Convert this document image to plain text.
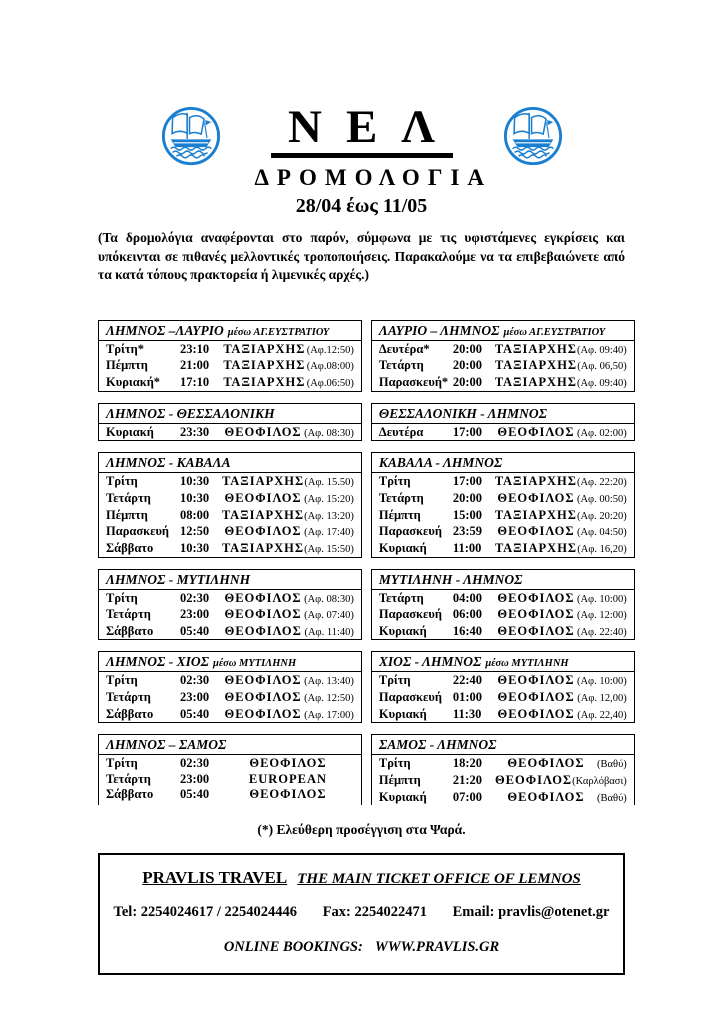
ΝΕΛ
ΔΡΟΜΟΛΟΓΙΑ
28/04 έως 11/05

(Τα δρομολόγια αναφέρονται στο παρόν, σύμφωνα με τις υφιστάμενες εγκρίσεις και υπόκεινται σε πιθανές μελλοντικές τροποποιήσεις. Παρακαλούμε να τα επιβεβαιώνετε από τα κατά τόπους πρακτορεία ή λιμενικές αρχές.)

ΛΗΜΝΟΣ –ΛΑΥΡΙΟ μέσω ΑΓ.ΕΥΣΤΡΑΤΙΟΥ
Τρίτη*	23:10	ΤΑΞΙΑΡΧΗΣ (Αφ.12:50)
Πέμπτη	21:00	ΤΑΞΙΑΡΧΗΣ (Αφ.08:00)
Κυριακή*	17:10	ΤΑΞΙΑΡΧΗΣ (Αφ.06:50)
ΛΑΥΡΙΟ – ΛΗΜΝΟΣ μέσω ΑΓ.ΕΥΣΤΡΑΤΙΟΥ
Δευτέρα*	20:00	ΤΑΞΙΑΡΧΗΣ (Αφ. 09:40)
Τετάρτη	20:00	ΤΑΞΙΑΡΧΗΣ (Αφ. 06,50)
Παρασκευή* 20:00	ΤΑΞΙΑΡΧΗΣ (Αφ. 09:40)
ΛΗΜΝΟΣ - ΘΕΣΣΑΛΟΝΙΚΗ
Κυριακή	23:30	ΘΕΟΦΙΛΟΣ (Αφ. 08:30)
ΘΕΣΣΑΛΟΝΙΚΗ - ΛΗΜΝΟΣ
Δευτέρα	17:00	ΘΕΟΦΙΛΟΣ (Αφ. 02:00)
ΛΗΜΝΟΣ - ΚΑΒΑΛΑ
Τρίτη	10:30	ΤΑΞΙΑΡΧΗΣ (Αφ. 15.50)
Τετάρτη	10:30	ΘΕΟΦΙΛΟΣ (Αφ. 15:20)
Πέμπτη	08:00	ΤΑΞΙΑΡΧΗΣ (Αφ. 13:20)
Παρασκευή 12:50	ΘΕΟΦΙΛΟΣ (Αφ. 17:40)
Σάββατο	10:30	ΤΑΞΙΑΡΧΗΣ (Αφ. 15:50)
ΚΑΒΑΛΑ - ΛΗΜΝΟΣ
Τρίτη	17:00	ΤΑΞΙΑΡΧΗΣ (Αφ. 22:20)
Τετάρτη	20:00	ΘΕΟΦΙΛΟΣ (Αφ. 00:50)
Πέμπτη	15:00	ΤΑΞΙΑΡΧΗΣ (Αφ. 20:20)
Παρασκευή 23:59	ΘΕΟΦΙΛΟΣ (Αφ. 04:50)
Κυριακή	11:00	ΤΑΞΙΑΡΧΗΣ (Αφ. 16,20)
ΛΗΜΝΟΣ - ΜΥΤΙΛΗΝΗ
Τρίτη	02:30	ΘΕΟΦΙΛΟΣ (Αφ. 08:30)
Τετάρτη	23:00	ΘΕΟΦΙΛΟΣ (Αφ. 07:40)
Σάββατο	05:40	ΘΕΟΦΙΛΟΣ (Αφ. 11:40)
ΜΥΤΙΛΗΝΗ - ΛΗΜΝΟΣ
Τετάρτη	04:00	ΘΕΟΦΙΛΟΣ (Αφ. 10:00)
Παρασκευή 06:00	ΘΕΟΦΙΛΟΣ (Αφ. 12:00)
Κυριακή	16:40	ΘΕΟΦΙΛΟΣ (Αφ. 22:40)
ΛΗΜΝΟΣ - ΧΙΟΣ μέσω ΜΥΤΙΛΗΝΗ
Τρίτη	02:30	ΘΕΟΦΙΛΟΣ (Αφ. 13:40)
Τετάρτη	23:00	ΘΕΟΦΙΛΟΣ (Αφ. 12:50)
Σάββατο	05:40	ΘΕΟΦΙΛΟΣ (Αφ. 17:00)
ΧΙΟΣ - ΛΗΜΝΟΣ μέσω ΜΥΤΙΛΗΝΗ
Τρίτη	22:40	ΘΕΟΦΙΛΟΣ (Αφ. 10:00)
Παρασκευή 01:00	ΘΕΟΦΙΛΟΣ (Αφ. 12,00)
Κυριακή	11:30	ΘΕΟΦΙΛΟΣ (Αφ. 22,40)
ΛΗΜΝΟΣ – ΣΑΜΟΣ
Τρίτη	02:30	ΘΕΟΦΙΛΟΣ
Τετάρτη	23:00	EUROPEAN
Σάββατο	05:40	ΘΕΟΦΙΛΟΣ
ΣΑΜΟΣ - ΛΗΜΝΟΣ
Τρίτη	18:20	ΘΕΟΦΙΛΟΣ	(Βαθύ)
Πέμπτη	21:20	ΘΕΟΦΙΛΟΣ (Καρλόβασι)
Κυριακή	07:00	ΘΕΟΦΙΛΟΣ	(Βαθύ)
(*) Ελεύθερη προσέγγιση στα Ψαρά.
PRAVLIS TRAVEL THE MAIN TICKET OFFICE OF LEMNOS
Tel: 2254024617 / 2254024446 Fax: 2254022471 Email: pravlis@otenet.gr
ONLINE BOOKINGS: WWW.PRAVLIS.GR
